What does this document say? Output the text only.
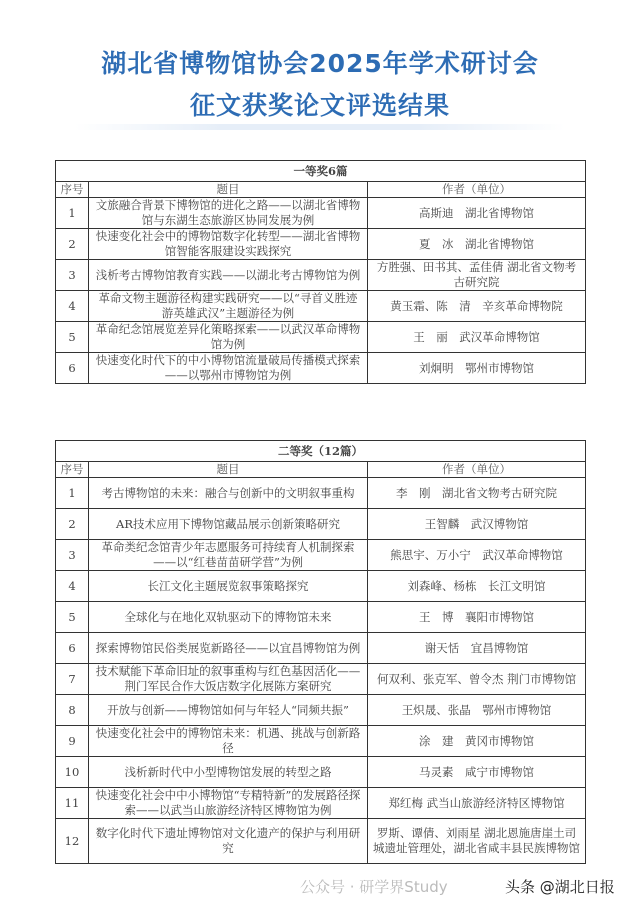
湖北省博物馆协会2025年学术研讨会
征文获奖论文评选结果
一等奖6篇		
序号	题目	作者（单位）
1	文旅融合背景下博物馆的进化之路——以湖北省博物馆与东湖生态旅游区协同发展为例	高斯迪　湖北省博物馆
2	快速变化社会中的博物馆数字化转型——湖北省博物馆智能客服建设实践探究	夏　冰　湖北省博物馆
3	浅析考古博物馆教育实践——以湖北考古博物馆为例	方胜强、田书其、孟佳倩 湖北省文物考古研究院
4	革命文物主题游径构建实践研究——以“寻首义胜迹 游英雄武汉”主题游径为例	黄玉霜、陈　清　辛亥革命博物院
5	革命纪念馆展览差异化策略探索——以武汉革命博物馆为例	王　丽　武汉革命博物馆
6	快速变化时代下的中小博物馆流量破局传播模式探索——以鄂州市博物馆为例	刘炯明　鄂州市博物馆
二等奖（12篇）		
序号	题目	作者（单位）
1	考古博物馆的未来：融合与创新中的文明叙事重构	李　刚　湖北省文物考古研究院
2	AR技术应用下博物馆藏品展示创新策略研究	王智麟　武汉博物馆
3	革命类纪念馆青少年志愿服务可持续育人机制探索——以“红巷苗苗研学营”为例	熊思宇、万小宁　武汉革命博物馆
4	长江文化主题展览叙事策略探究	刘森峰、杨栋　长江文明馆
5	全球化与在地化双轨驱动下的博物馆未来	王　博　襄阳市博物馆
6	探索博物馆民俗类展览新路径——以宜昌博物馆为例	谢天恬　宜昌博物馆
7	技术赋能下革命旧址的叙事重构与红色基因活化——荆门军民合作大饭店数字化展陈方案研究	何双利、张克军、曾令杰 荆门市博物馆
8	开放与创新——博物馆如何与年轻人“同频共振”	王炽晟、张晶　鄂州市博物馆
9	快速变化社会中的博物馆未来：机遇、挑战与创新路径	涂　建　黄冈市博物馆
10	浅析新时代中小型博物馆发展的转型之路	马灵素　咸宁市博物馆
11	快速变化社会中中小博物馆“专精特新”的发展路径探索——以武当山旅游经济特区博物馆为例	郑红梅 武当山旅游经济特区博物馆
12	数字化时代下遗址博物馆对文化遗产的保护与利用研究	罗斯、谭倩、刘雨星 湖北恩施唐崖土司城遗址管理处，湖北省咸丰县民族博物馆
公众号 · 研学界Study	头条 @湖北日报
